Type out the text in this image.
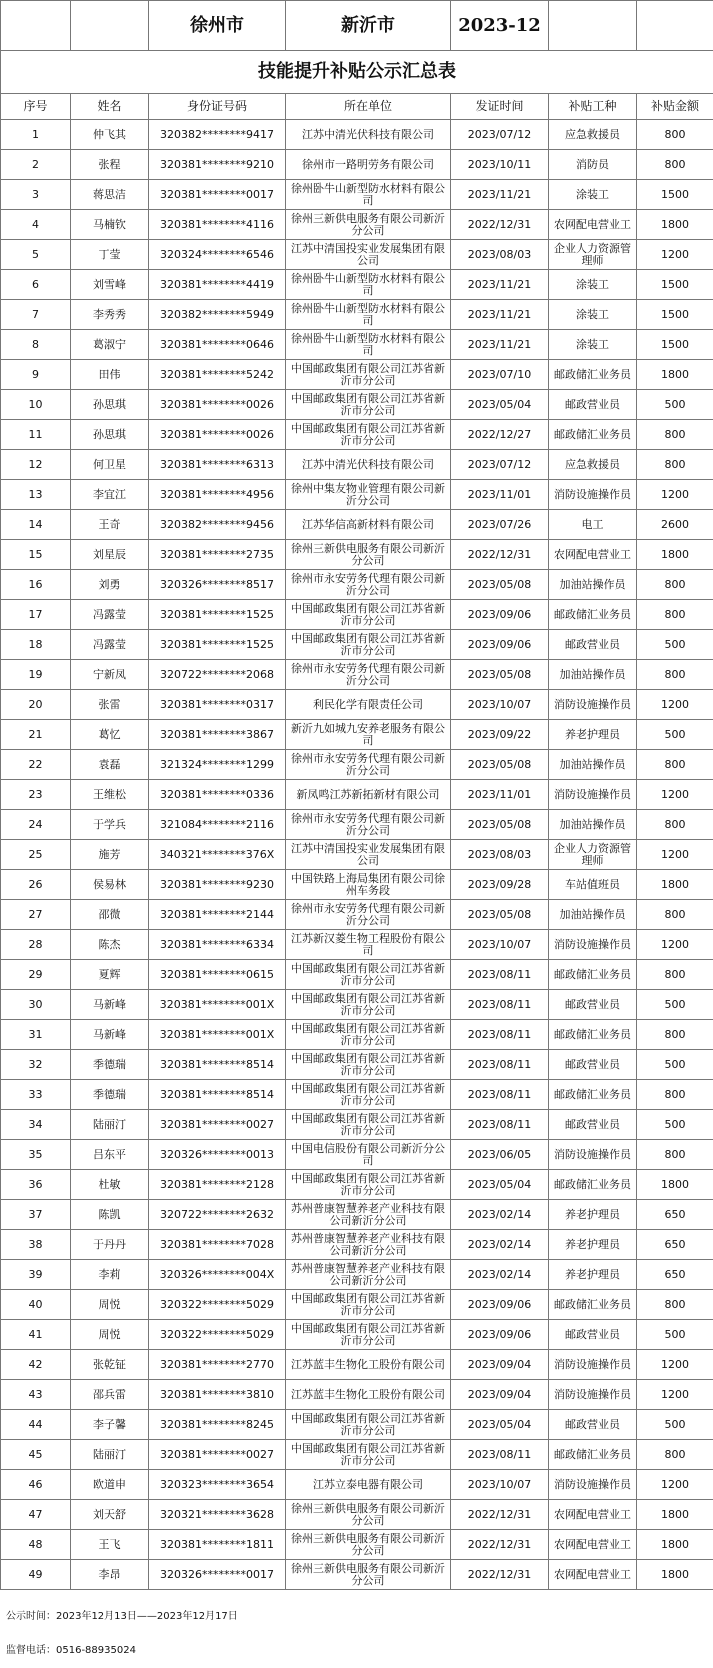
		徐州市	新沂市	2023-12		
技能提升补贴公示汇总表						
序号	姓名	身份证号码	所在单位	发证时间	补贴工种	补贴金额
1	仲飞其	320382********9417	江苏中清光伏科技有限公司	2023/07/12	应急救援员	800
2	张程	320381********9210	徐州市一路明劳务有限公司	2023/10/11	消防员	800
3	蒋思洁	320381********0017	徐州卧牛山新型防水材料有限公司	2023/11/21	涂装工	1500
4	马楠钦	320381********4116	徐州三新供电服务有限公司新沂分公司	2022/12/31	农网配电营业工	1800
5	丁莹	320324********6546	江苏中清国投实业发展集团有限公司	2023/08/03	企业人力资源管理师	1200
6	刘雪峰	320381********4419	徐州卧牛山新型防水材料有限公司	2023/11/21	涂装工	1500
7	李秀秀	320382********5949	徐州卧牛山新型防水材料有限公司	2023/11/21	涂装工	1500
8	葛淑宁	320381********0646	徐州卧牛山新型防水材料有限公司	2023/11/21	涂装工	1500
9	田伟	320381********5242	中国邮政集团有限公司江苏省新沂市分公司	2023/07/10	邮政储汇业务员	1800
10	孙思琪	320381********0026	中国邮政集团有限公司江苏省新沂市分公司	2023/05/04	邮政营业员	500
11	孙思琪	320381********0026	中国邮政集团有限公司江苏省新沂市分公司	2022/12/27	邮政储汇业务员	800
12	何卫星	320381********6313	江苏中清光伏科技有限公司	2023/07/12	应急救援员	800
13	李宜江	320381********4956	徐州中集友物业管理有限公司新沂分公司	2023/11/01	消防设施操作员	1200
14	王奇	320382********9456	江苏华信高新材料有限公司	2023/07/26	电工	2600
15	刘星辰	320381********2735	徐州三新供电服务有限公司新沂分公司	2022/12/31	农网配电营业工	1800
16	刘勇	320326********8517	徐州市永安劳务代理有限公司新沂分公司	2023/05/08	加油站操作员	800
17	冯露莹	320381********1525	中国邮政集团有限公司江苏省新沂市分公司	2023/09/06	邮政储汇业务员	800
18	冯露莹	320381********1525	中国邮政集团有限公司江苏省新沂市分公司	2023/09/06	邮政营业员	500
19	宁新凤	320722********2068	徐州市永安劳务代理有限公司新沂分公司	2023/05/08	加油站操作员	800
20	张雷	320381********0317	利民化学有限责任公司	2023/10/07	消防设施操作员	1200
21	葛忆	320381********3867	新沂九如城九安养老服务有限公司	2023/09/22	养老护理员	500
22	袁磊	321324********1299	徐州市永安劳务代理有限公司新沂分公司	2023/05/08	加油站操作员	800
23	王维松	320381********0336	新凤鸣江苏新拓新材有限公司	2023/11/01	消防设施操作员	1200
24	于学兵	321084********2116	徐州市永安劳务代理有限公司新沂分公司	2023/05/08	加油站操作员	800
25	施芳	340321********376X	江苏中清国投实业发展集团有限公司	2023/08/03	企业人力资源管理师	1200
26	侯易林	320381********9230	中国铁路上海局集团有限公司徐州车务段	2023/09/28	车站值班员	1800
27	邵微	320381********2144	徐州市永安劳务代理有限公司新沂分公司	2023/05/08	加油站操作员	800
28	陈杰	320381********6334	江苏新汉菱生物工程股份有限公司	2023/10/07	消防设施操作员	1200
29	夏辉	320381********0615	中国邮政集团有限公司江苏省新沂市分公司	2023/08/11	邮政储汇业务员	800
30	马新峰	320381********001X	中国邮政集团有限公司江苏省新沂市分公司	2023/08/11	邮政营业员	500
31	马新峰	320381********001X	中国邮政集团有限公司江苏省新沂市分公司	2023/08/11	邮政储汇业务员	800
32	季德瑞	320381********8514	中国邮政集团有限公司江苏省新沂市分公司	2023/08/11	邮政营业员	500
33	季德瑞	320381********8514	中国邮政集团有限公司江苏省新沂市分公司	2023/08/11	邮政储汇业务员	800
34	陆丽汀	320381********0027	中国邮政集团有限公司江苏省新沂市分公司	2023/08/11	邮政营业员	500
35	吕东平	320326********0013	中国电信股份有限公司新沂分公司	2023/06/05	消防设施操作员	800
36	杜敏	320381********2128	中国邮政集团有限公司江苏省新沂市分公司	2023/05/04	邮政储汇业务员	1800
37	陈凯	320722********2632	苏州普康智慧养老产业科技有限公司新沂分公司	2023/02/14	养老护理员	650
38	于丹丹	320381********7028	苏州普康智慧养老产业科技有限公司新沂分公司	2023/02/14	养老护理员	650
39	李莉	320326********004X	苏州普康智慧养老产业科技有限公司新沂分公司	2023/02/14	养老护理员	650
40	周悦	320322********5029	中国邮政集团有限公司江苏省新沂市分公司	2023/09/06	邮政储汇业务员	800
41	周悦	320322********5029	中国邮政集团有限公司江苏省新沂市分公司	2023/09/06	邮政营业员	500
42	张乾钲	320381********2770	江苏蓝丰生物化工股份有限公司	2023/09/04	消防设施操作员	1200
43	邵兵雷	320381********3810	江苏蓝丰生物化工股份有限公司	2023/09/04	消防设施操作员	1200
44	李子馨	320381********8245	中国邮政集团有限公司江苏省新沂市分公司	2023/05/04	邮政营业员	500
45	陆丽汀	320381********0027	中国邮政集团有限公司江苏省新沂市分公司	2023/08/11	邮政储汇业务员	800
46	欧道申	320323********3654	江苏立泰电器有限公司	2023/10/07	消防设施操作员	1200
47	刘天舒	320321********3628	徐州三新供电服务有限公司新沂分公司	2022/12/31	农网配电营业工	1800
48	王飞	320381********1811	徐州三新供电服务有限公司新沂分公司	2022/12/31	农网配电营业工	1800
49	李昂	320326********0017	徐州三新供电服务有限公司新沂分公司	2022/12/31	农网配电营业工	1800
公示时间：2023年12月13日——2023年12月17日
监督电话：0516-88935024
